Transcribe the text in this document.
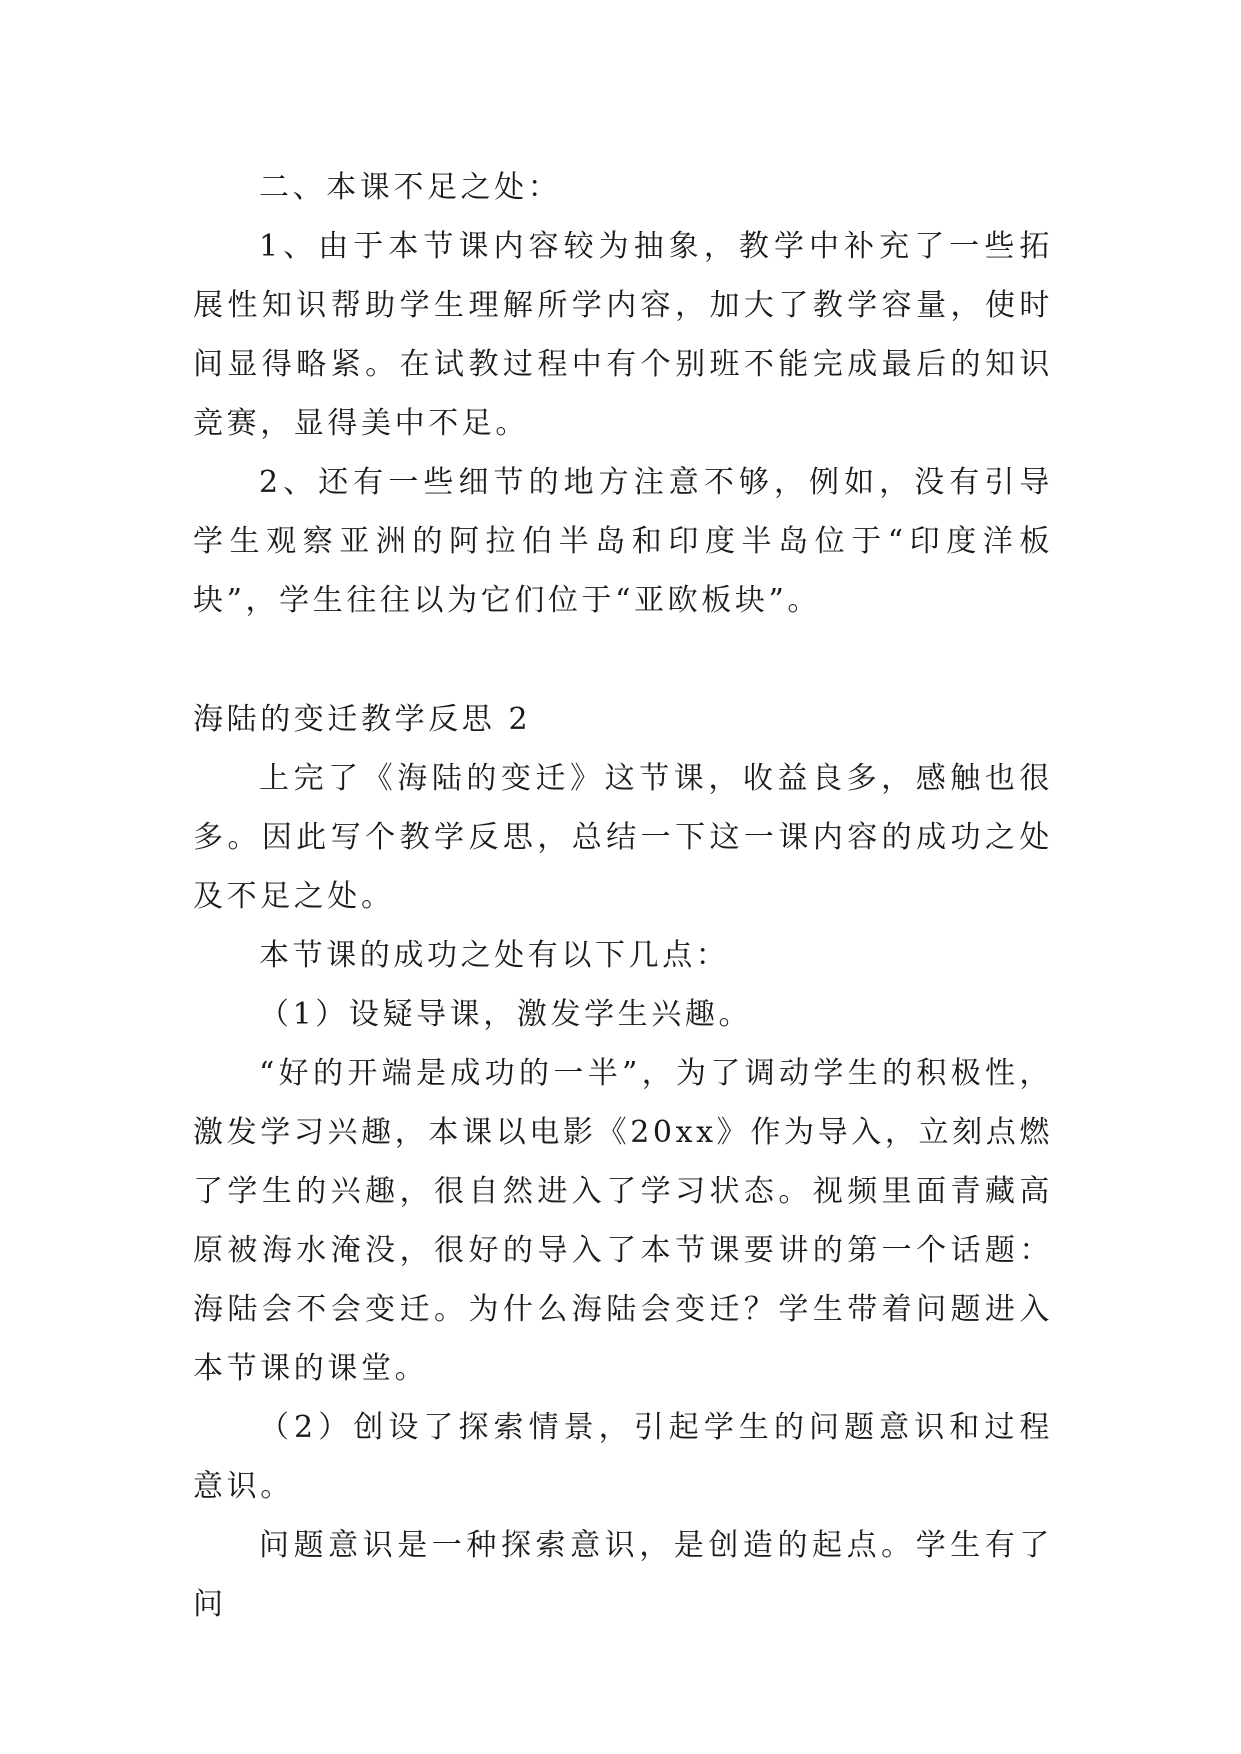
二、本课不足之处：

1、由于本节课内容较为抽象，教学中补充了一些拓展性知识帮助学生理解所学内容，加大了教学容量，使时间显得略紧。在试教过程中有个别班不能完成最后的知识竞赛，显得美中不足。

2、还有一些细节的地方注意不够，例如，没有引导学生观察亚洲的阿拉伯半岛和印度半岛位于“印度洋板块”，学生往往以为它们位于“亚欧板块”。

海陆的变迁教学反思 2

上完了《海陆的变迁》这节课，收益良多，感触也很多。因此写个教学反思，总结一下这一课内容的成功之处及不足之处。

本节课的成功之处有以下几点：

（1）设疑导课，激发学生兴趣。

“好的开端是成功的一半”，为了调动学生的积极性，激发学习兴趣，本课以电影《20xx》作为导入，立刻点燃了学生的兴趣，很自然进入了学习状态。视频里面青藏高原被海水淹没，很好的导入了本节课要讲的第一个话题：海陆会不会变迁。为什么海陆会变迁？学生带着问题进入本节课的课堂。

（2）创设了探索情景，引起学生的问题意识和过程意识。

问题意识是一种探索意识，是创造的起点。学生有了问
